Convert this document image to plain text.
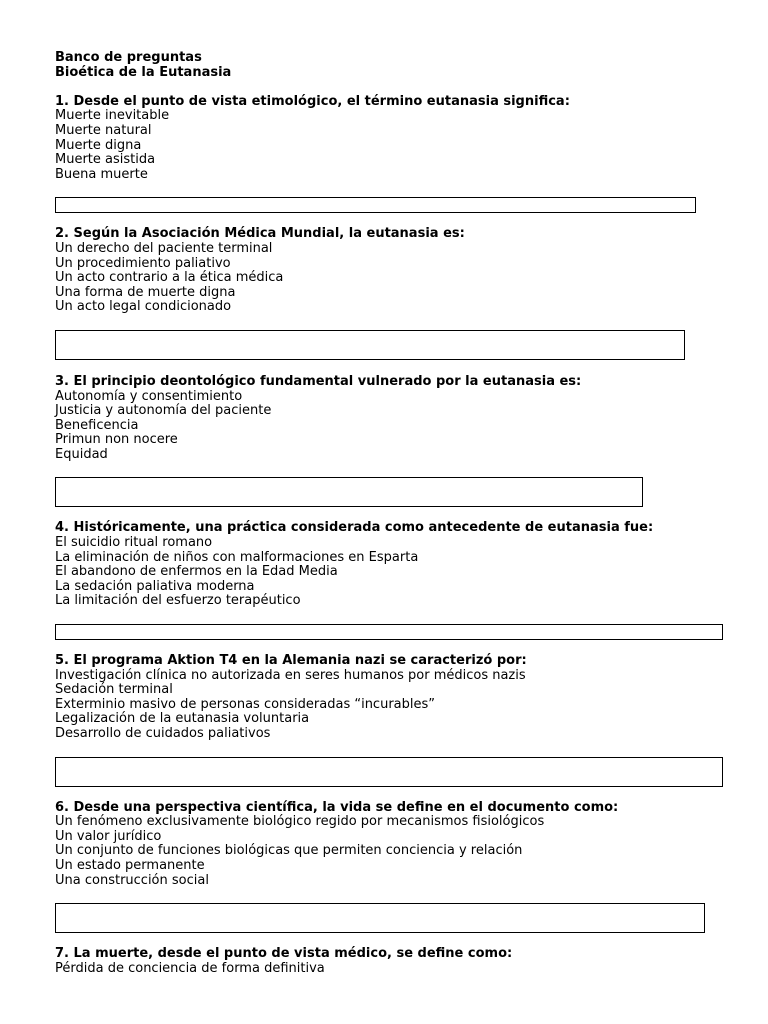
Banco de preguntas

Bioética de la Eutanasia

1. Desde el punto de vista etimológico, el término eutanasia significa:

Muerte inevitable

Muerte natural

Muerte digna

Muerte asistida

Buena muerte

2. Según la Asociación Médica Mundial, la eutanasia es:

Un derecho del paciente terminal

Un procedimiento paliativo

Un acto contrario a la ética médica

Una forma de muerte digna

Un acto legal condicionado

3. El principio deontológico fundamental vulnerado por la eutanasia es:

Autonomía y consentimiento

Justicia y autonomía del paciente

Beneficencia

Primun non nocere

Equidad

4. Históricamente, una práctica considerada como antecedente de eutanasia fue:

El suicidio ritual romano

La eliminación de niños con malformaciones en Esparta

El abandono de enfermos en la Edad Media

La sedación paliativa moderna

La limitación del esfuerzo terapéutico

5. El programa Aktion T4 en la Alemania nazi se caracterizó por:

Investigación clínica no autorizada en seres humanos por médicos nazis

Sedación terminal

Exterminio masivo de personas consideradas “incurables”

Legalización de la eutanasia voluntaria

Desarrollo de cuidados paliativos

6. Desde una perspectiva científica, la vida se define en el documento como:

Un fenómeno exclusivamente biológico regido por mecanismos fisiológicos

Un valor jurídico

Un conjunto de funciones biológicas que permiten conciencia y relación

Un estado permanente

Una construcción social

7. La muerte, desde el punto de vista médico, se define como:

Pérdida de conciencia de forma definitiva
